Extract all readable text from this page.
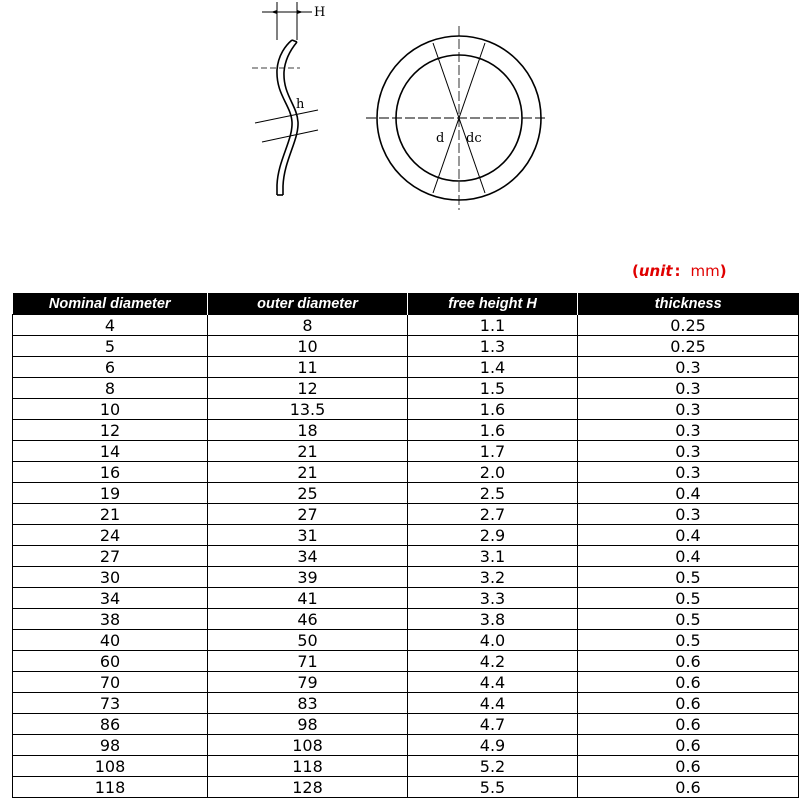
H
h
d dc
(unit : mm)
Nominal diameter	outer diameter	free height H	thickness
4	8	1.1	0.25
5	10	1.3	0.25
6	11	1.4	0.3
8	12	1.5	0.3
10	13.5	1.6	0.3
12	18	1.6	0.3
14	21	1.7	0.3
16	21	2.0	0.3
19	25	2.5	0.4
21	27	2.7	0.3
24	31	2.9	0.4
27	34	3.1	0.4
30	39	3.2	0.5
34	41	3.3	0.5
38	46	3.8	0.5
40	50	4.0	0.5
60	71	4.2	0.6
70	79	4.4	0.6
73	83	4.4	0.6
86	98	4.7	0.6
98	108	4.9	0.6
108	118	5.2	0.6
118	128	5.5	0.6
